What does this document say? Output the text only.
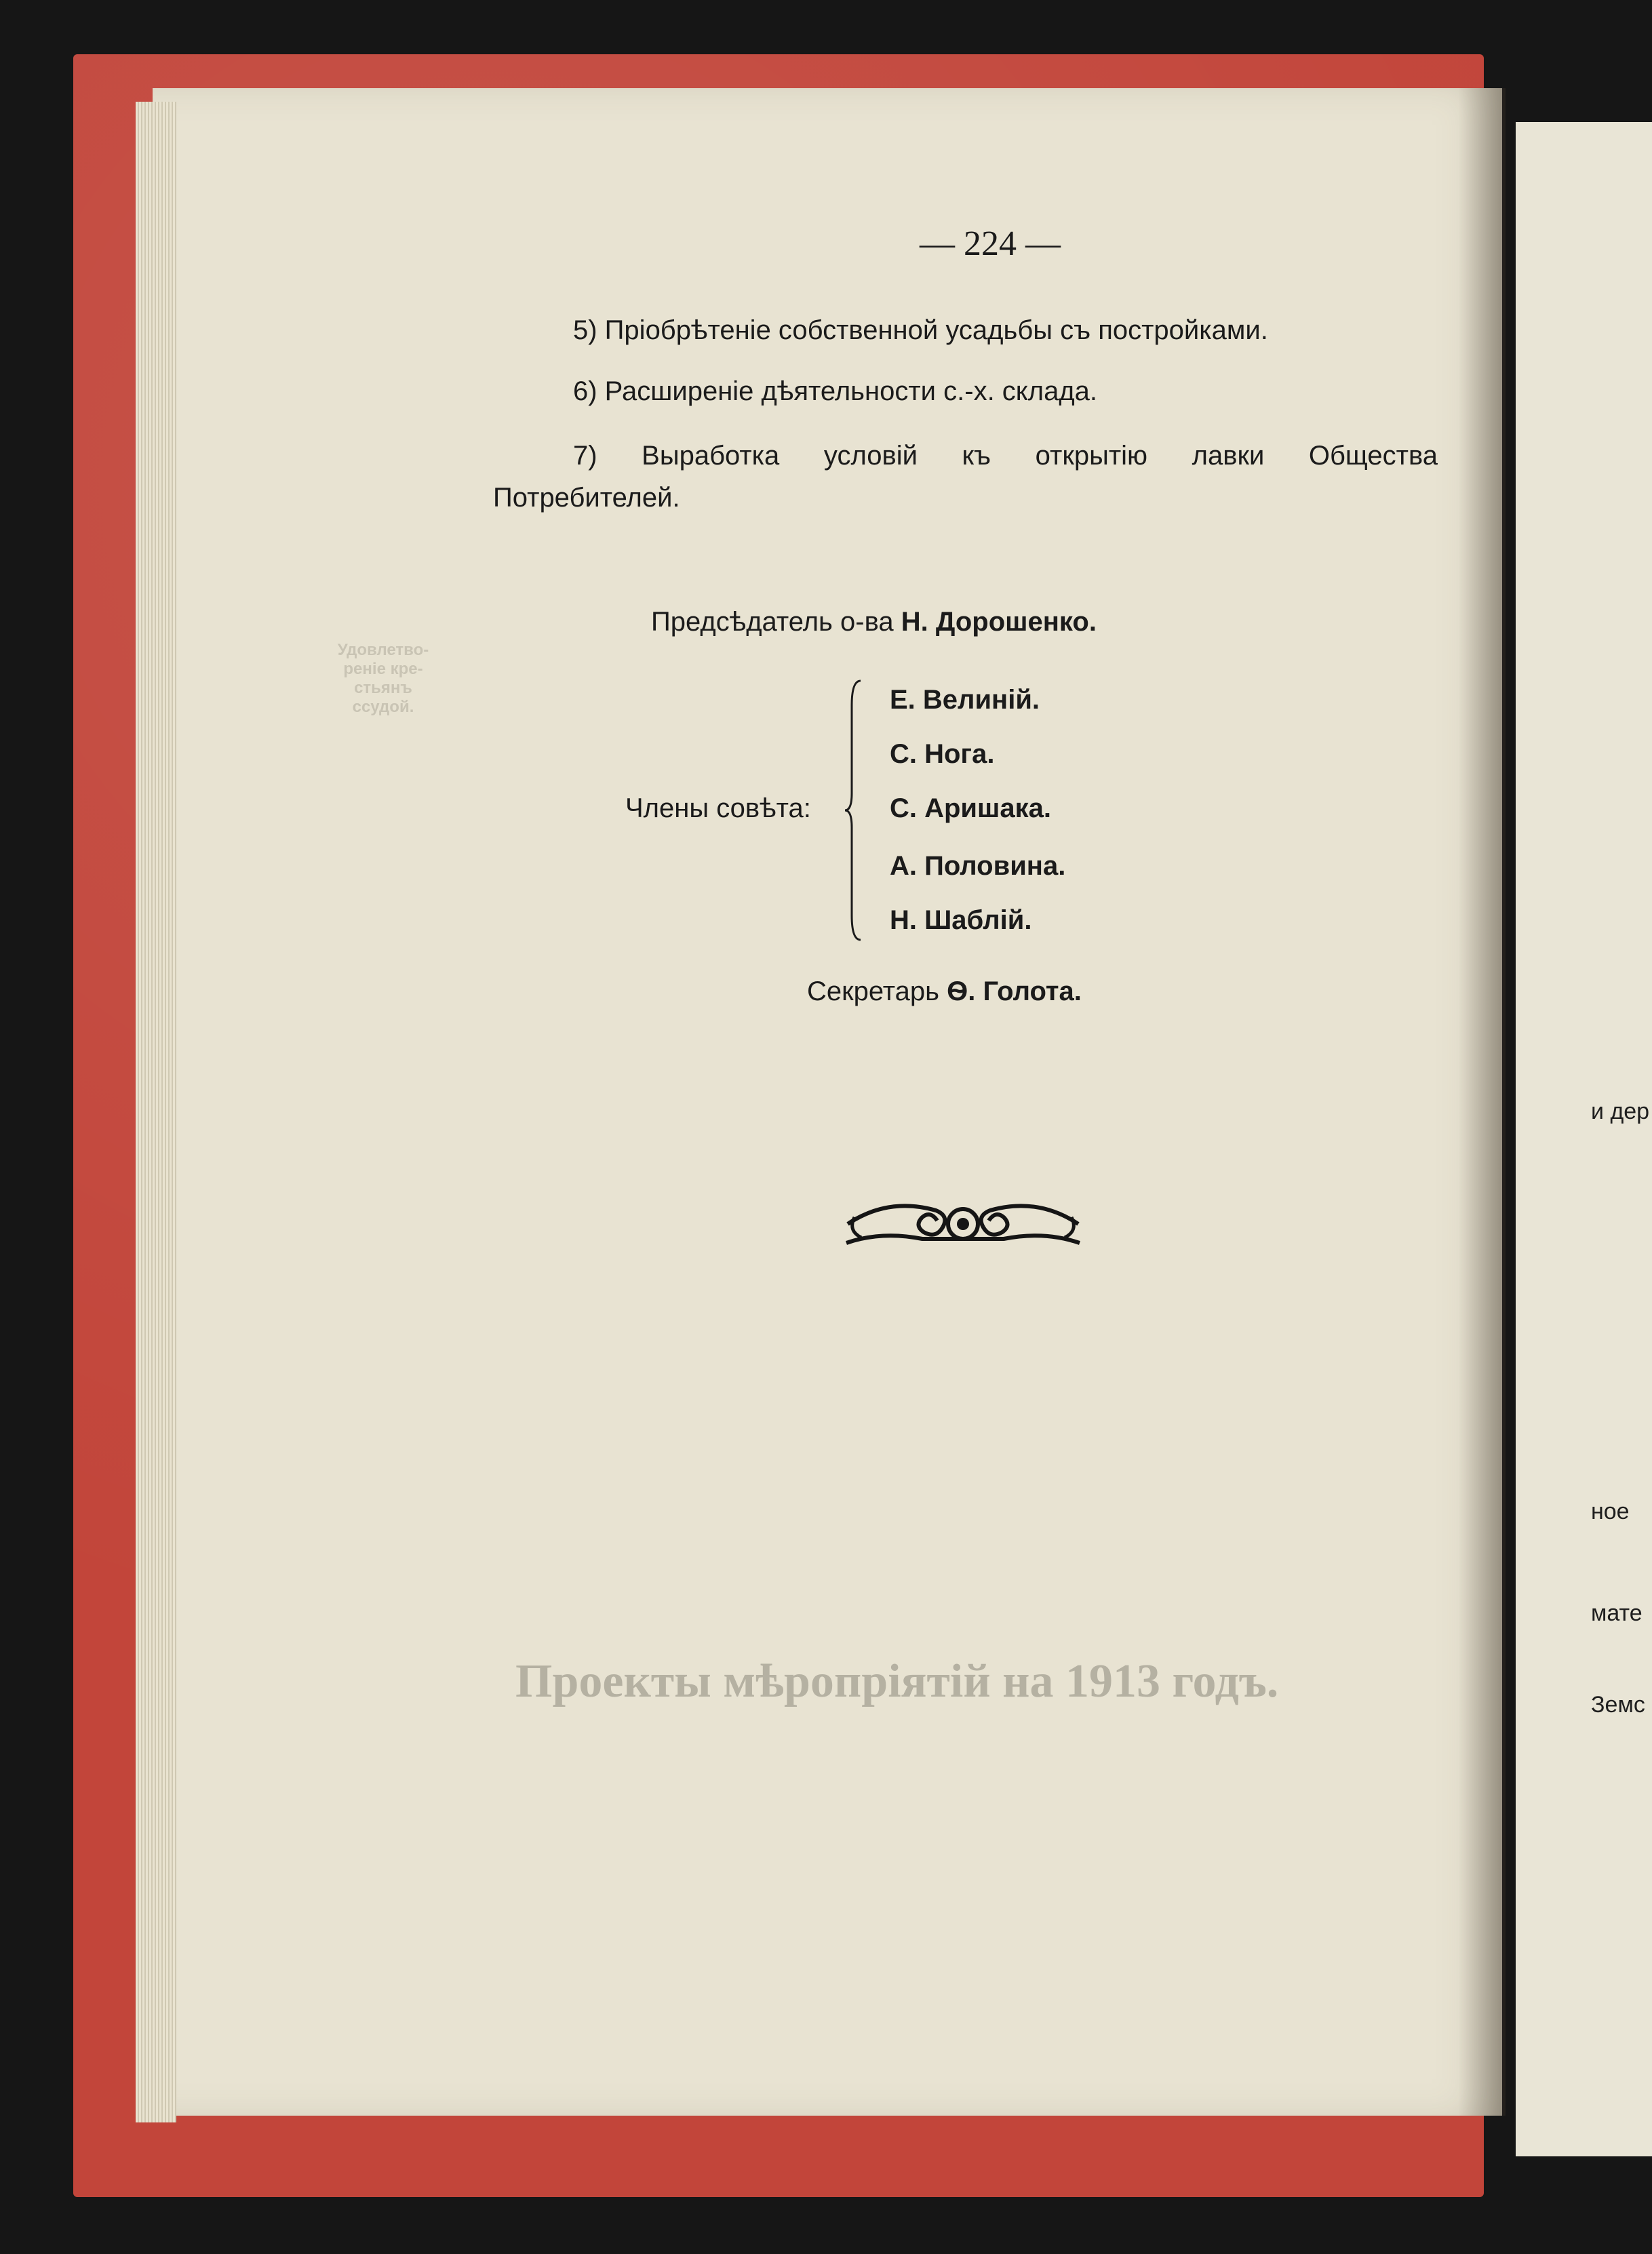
Удовлетво- реніе кре- стьянъ ссудой.
Проекты мѣропріятій на 1913 годъ.
— 224 —
5) Пріобрѣтеніе собственной усадьбы съ постройками.
6) Расширеніе дѣятельности с.-х. склада.
7) Выработка условій къ открытію лавки Общества
Потребителей.
Предсѣдатель о-ва Н. Дорошенко.
Члены совѣта:
Е. Велиній.
С. Нога.
С. Аришака.
А. Половина.
Н. Шаблій.
Секретарь Ѳ. Голота.
и дер
ное
мате
Земс
